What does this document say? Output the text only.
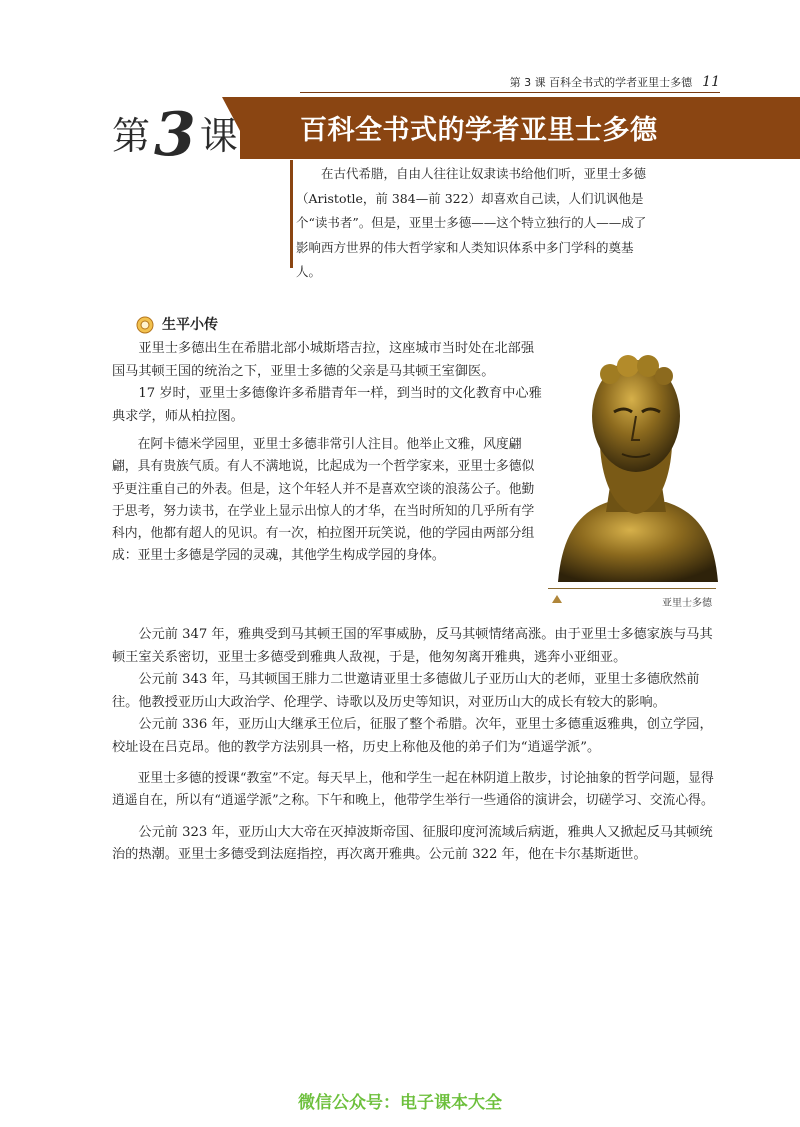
第 3 课 百科全书式的学者亚里士多德 11
第3 课	百科全书式的学者亚里士多德

在古代希腊，自由人往往让奴隶读书给他们听，亚里士多德（Aristotle，前 384—前 322）却喜欢自己读，人们讥讽他是个“读书者”。但是，亚里士多德——这个特立独行的人——成了影响西方世界的伟大哲学家和人类知识体系中多门学科的奠基人。

生平小传

亚里士多德出生在希腊北部小城斯塔吉拉，这座城市当时处在北部强国马其顿王国的统治之下，亚里士多德的父亲是马其顿王室御医。

17 岁时，亚里士多德像许多希腊青年一样，到当时的文化教育中心雅典求学，师从柏拉图。

在阿卡德米学园里，亚里士多德非常引人注目。他举止文雅，风度翩翩，具有贵族气质。有人不满地说，比起成为一个哲学家来，亚里士多德似乎更注重自己的外表。但是，这个年轻人并不是喜欢空谈的浪荡公子。他勤于思考，努力读书，在学业上显示出惊人的才华，在当时所知的几乎所有学科内，他都有超人的见识。有一次，柏拉图开玩笑说，他的学园由两部分组成：亚里士多德是学园的灵魂，其他学生构成学园的身体。

亚里士多德

公元前 347 年，雅典受到马其顿王国的军事威胁，反马其顿情绪高涨。由于亚里士多德家族与马其顿王室关系密切，亚里士多德受到雅典人敌视，于是，他匆匆离开雅典，逃奔小亚细亚。

公元前 343 年，马其顿国王腓力二世邀请亚里士多德做儿子亚历山大的老师，亚里士多德欣然前往。他教授亚历山大政治学、伦理学、诗歌以及历史等知识，对亚历山大的成长有较大的影响。

公元前 336 年，亚历山大继承王位后，征服了整个希腊。次年，亚里士多德重返雅典，创立学园，校址设在吕克昂。他的教学方法别具一格，历史上称他及他的弟子们为“逍遥学派”。

亚里士多德的授课“教室”不定。每天早上，他和学生一起在林阴道上散步，讨论抽象的哲学问题，显得逍遥自在，所以有“逍遥学派”之称。下午和晚上，他带学生举行一些通俗的演讲会，切磋学习、交流心得。

公元前 323 年，亚历山大大帝在灭掉波斯帝国、征服印度河流域后病逝，雅典人又掀起反马其顿统治的热潮。亚里士多德受到法庭指控，再次离开雅典。公元前 322 年，他在卡尔基斯逝世。

微信公众号：电子课本大全
